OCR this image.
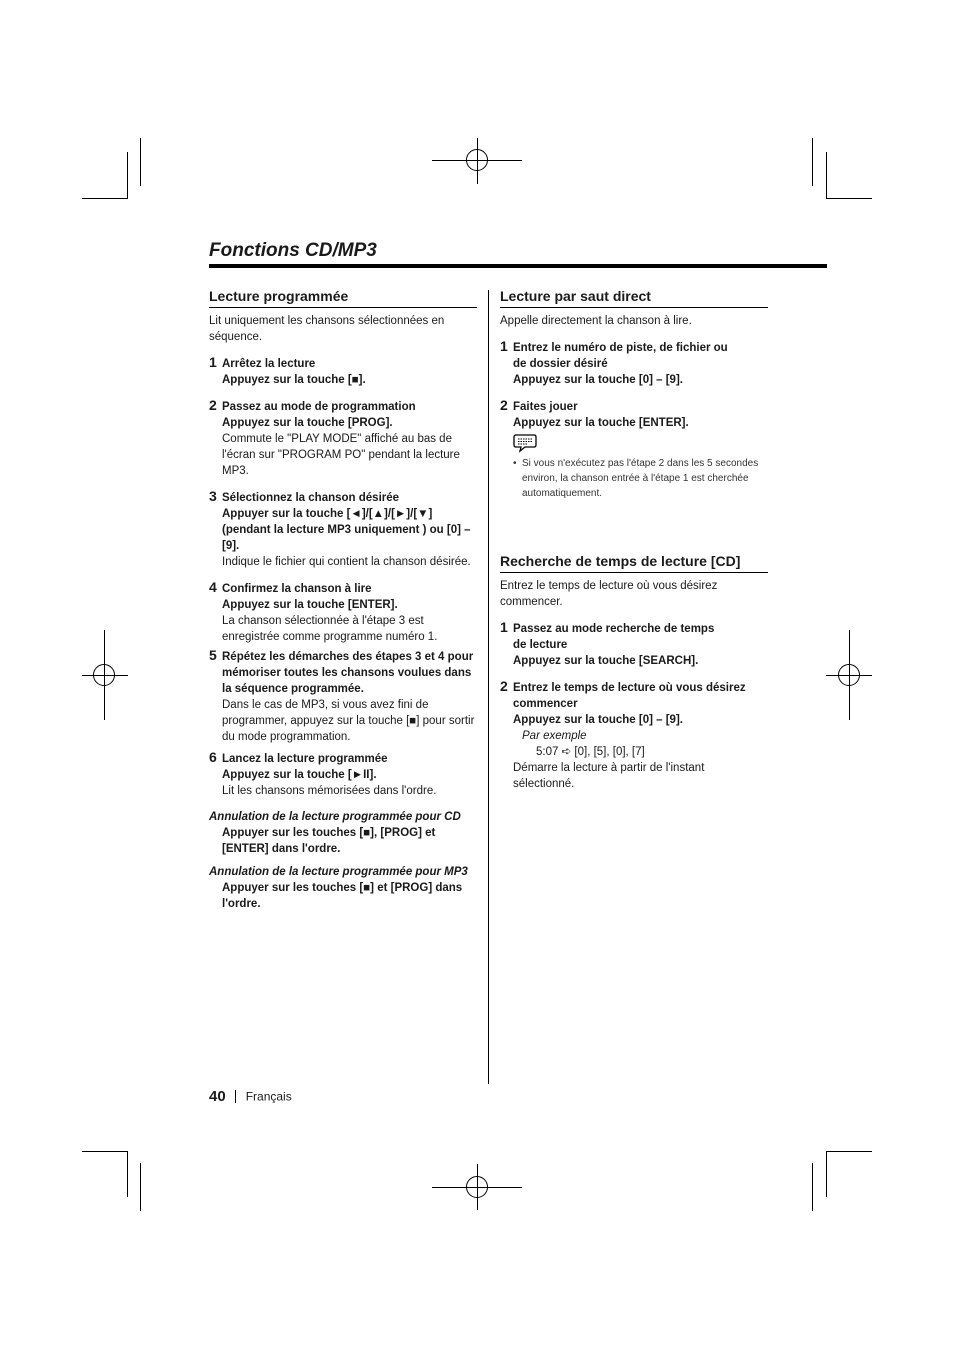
Fonctions CD/MP3
Lecture programmée

Lit uniquement les chansons sélectionnées en séquence.

1 Arrêtez la lecture
Appuyez sur la touche [■].
2 Passez au mode de programmation
Appuyez sur la touche [PROG].
Commute le "PLAY MODE" affiché au bas de l'écran sur "PROGRAM PO" pendant la lecture MP3.
3 Sélectionnez la chanson désirée
Appuyer sur la touche [◄]/[▲]/[►]/[▼] (pendant la lecture MP3 uniquement ) ou [0] – [9].
Indique le fichier qui contient la chanson désirée.
4 Confirmez la chanson à lire
Appuyez sur la touche [ENTER].
La chanson sélectionnée à l'étape 3 est enregistrée comme programme numéro 1.
5 Répétez les démarches des étapes 3 et 4 pour mémoriser toutes les chansons voulues dans la séquence programmée.
Dans le cas de MP3, si vous avez fini de programmer, appuyez sur la touche [■] pour sortir du mode programmation.
6 Lancez la lecture programmée
Appuyez sur la touche [►II].
Lit les chansons mémorisées dans l'ordre.
Annulation de la lecture programmée pour CD
Appuyer sur les touches [■], [PROG] et [ENTER] dans l'ordre.
Annulation de la lecture programmée pour MP3
Appuyer sur les touches [■] et [PROG] dans l'ordre.
Lecture par saut direct

Appelle directement la chanson à lire.

1 Entrez le numéro de piste, de fichier ou de dossier désiré
Appuyez sur la touche [0] – [9].
2 Faites jouer
Appuyez sur la touche [ENTER].
• Si vous n'exécutez pas l'étape 2 dans les 5 secondes environ, la chanson entrée à l'étape 1 est cherchée automatiquement.
Recherche de temps de lecture [CD]

Entrez le temps de lecture où vous désirez commencer.

1 Passez au mode recherche de temps de lecture
Appuyez sur la touche [SEARCH].
2 Entrez le temps de lecture où vous désirez commencer
Appuyez sur la touche [0] – [9].
Par exemple
5:07 ➪ [0], [5], [0], [7]
Démarre la lecture à partir de l'instant sélectionné.
40 Français
